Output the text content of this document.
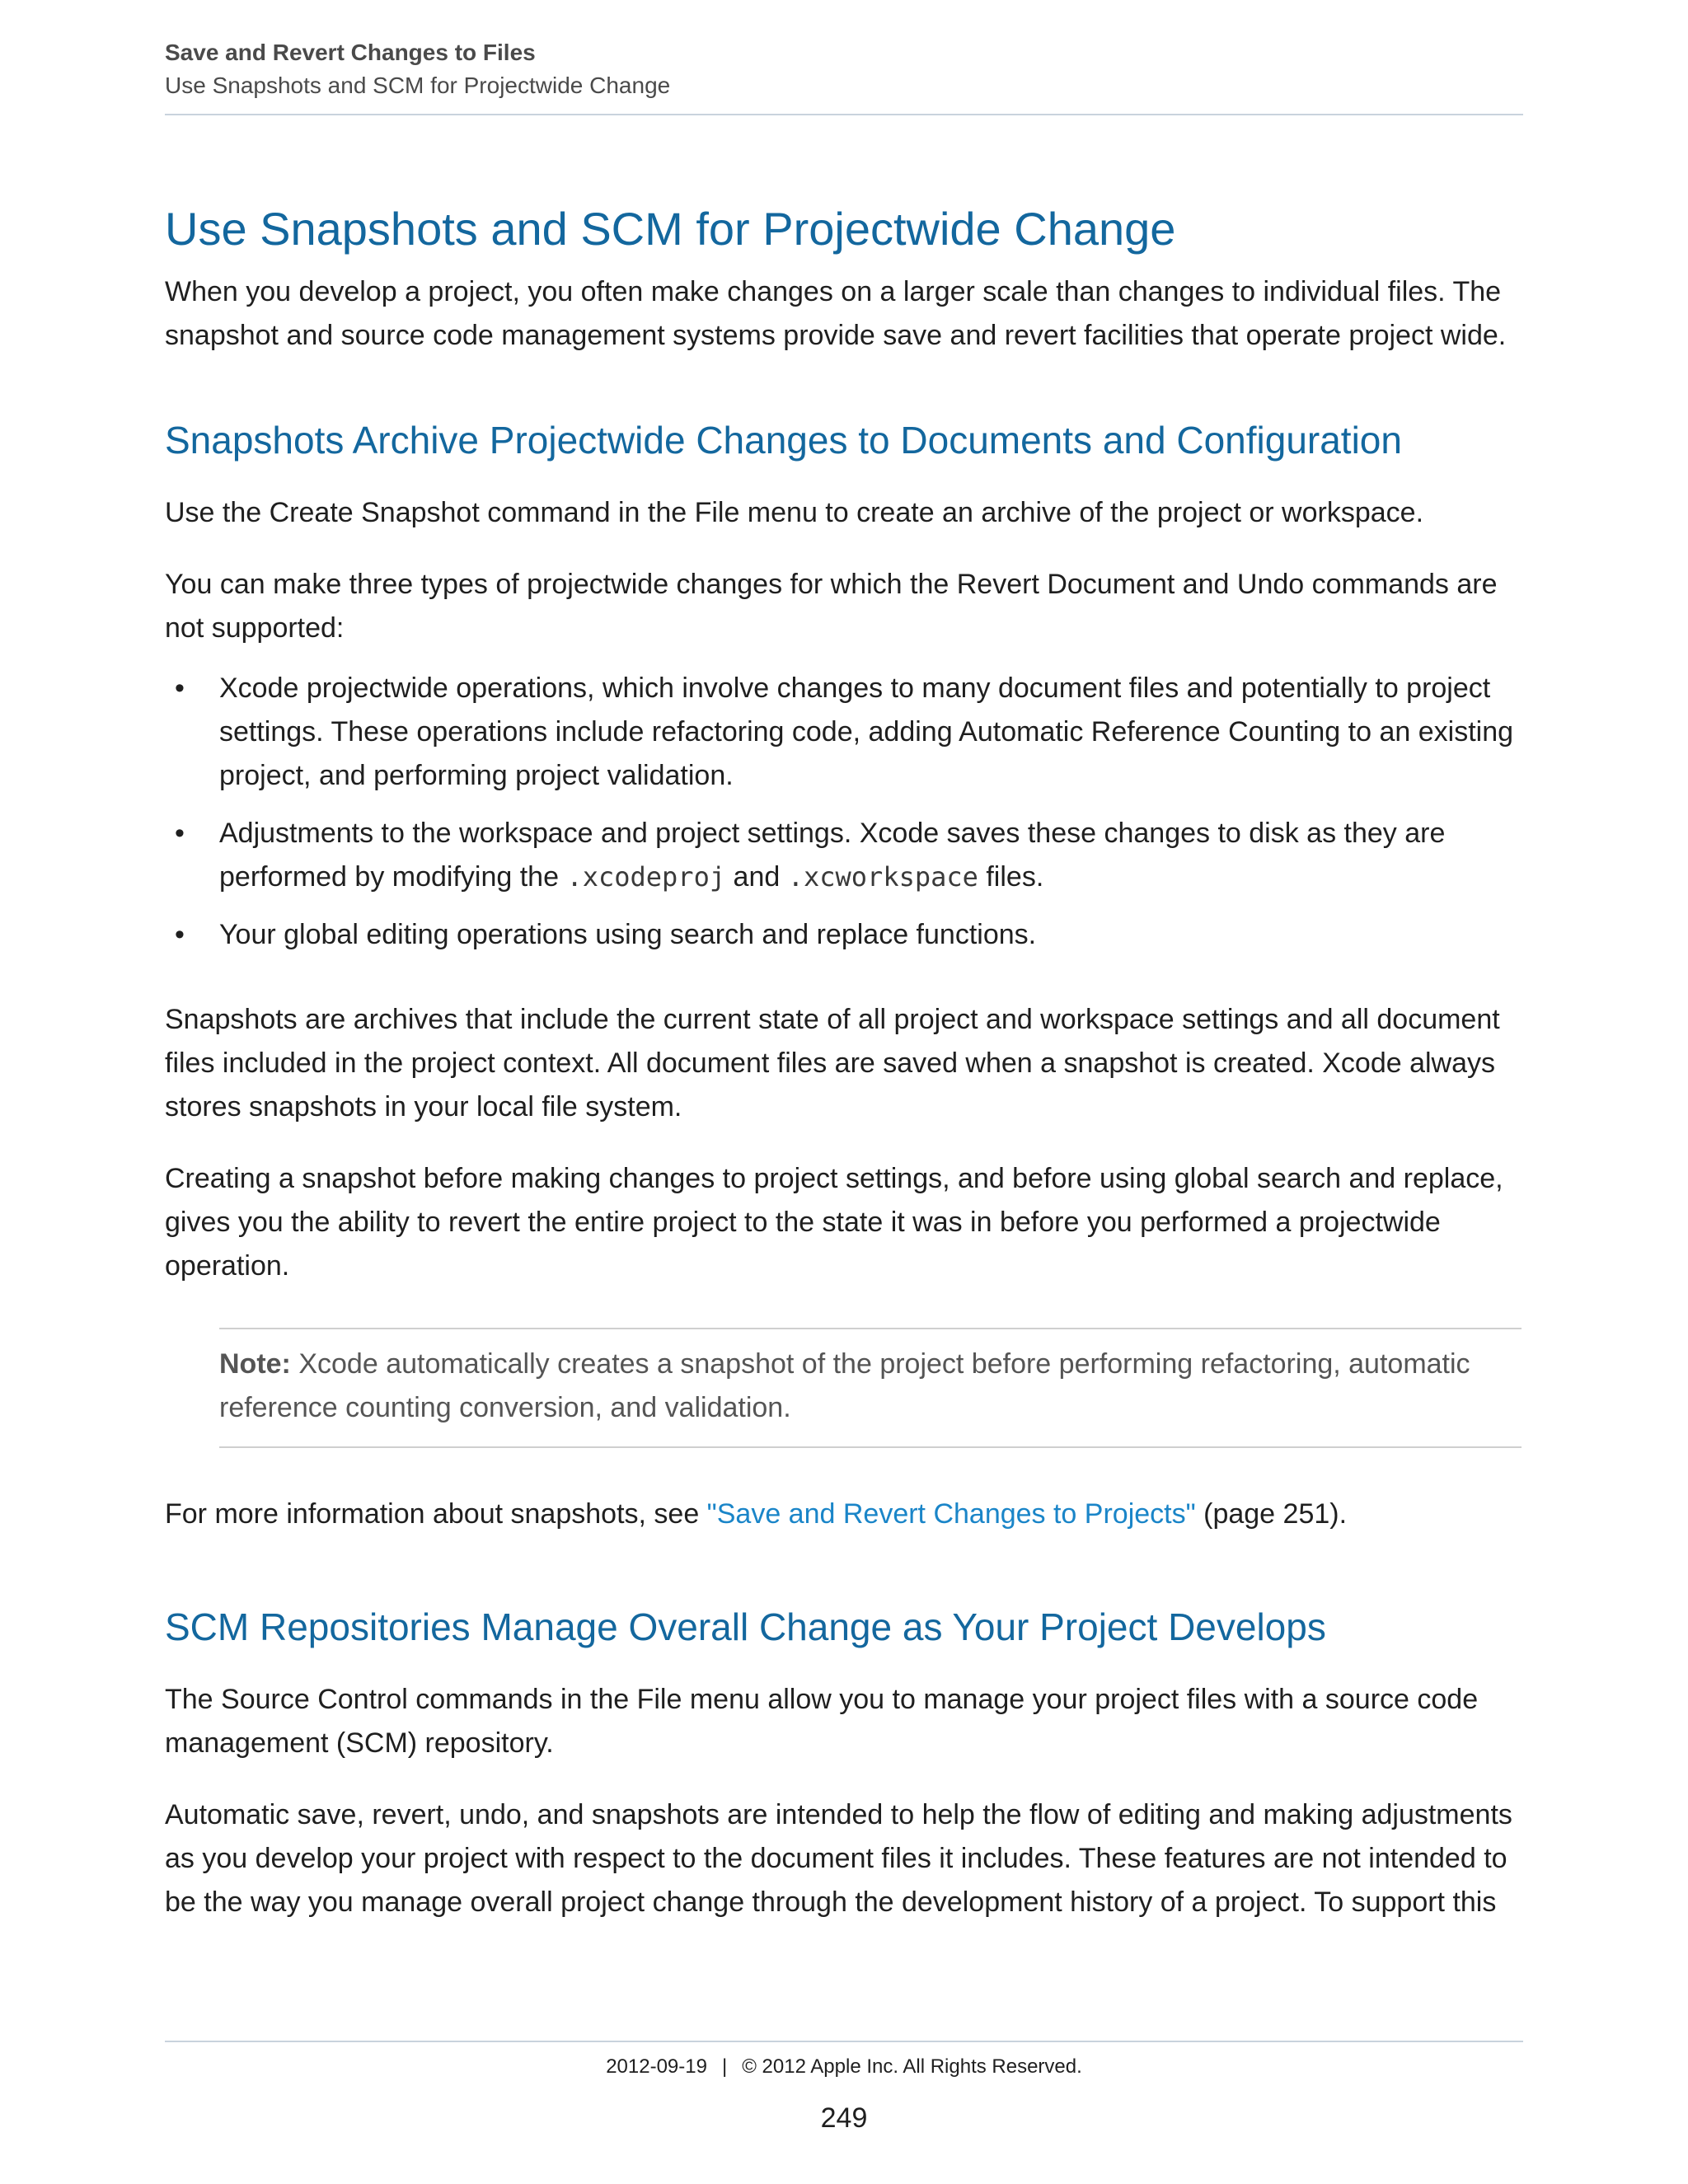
Save and Revert Changes to Files
Use Snapshots and SCM for Projectwide Change
Use Snapshots and SCM for Projectwide Change

When you develop a project, you often make changes on a larger scale than changes to individual files. The snapshot and source code management systems provide save and revert facilities that operate project wide.

Snapshots Archive Projectwide Changes to Documents and Configuration

Use the Create Snapshot command in the File menu to create an archive of the project or workspace.

You can make three types of projectwide changes for which the Revert Document and Undo commands are not supported:

• Xcode projectwide operations, which involve changes to many document files and potentially to project settings. These operations include refactoring code, adding Automatic Reference Counting to an existing project, and performing project validation.
• Adjustments to the workspace and project settings. Xcode saves these changes to disk as they are performed by modifying the .xcodeproj and .xcworkspace files.
• Your global editing operations using search and replace functions.

Snapshots are archives that include the current state of all project and workspace settings and all document files included in the project context. All document files are saved when a snapshot is created. Xcode always stores snapshots in your local file system.

Creating a snapshot before making changes to project settings, and before using global search and replace, gives you the ability to revert the entire project to the state it was in before you performed a projectwide operation.

Note: Xcode automatically creates a snapshot of the project before performing refactoring, automatic reference counting conversion, and validation.

For more information about snapshots, see "Save and Revert Changes to Projects" (page 251).

SCM Repositories Manage Overall Change as Your Project Develops

The Source Control commands in the File menu allow you to manage your project files with a source code management (SCM) repository.

Automatic save, revert, undo, and snapshots are intended to help the flow of editing and making adjustments as you develop your project with respect to the document files it includes. These features are not intended to be the way you manage overall project change through the development history of a project. To support this

2012-09-19 | © 2012 Apple Inc. All Rights Reserved.
249
